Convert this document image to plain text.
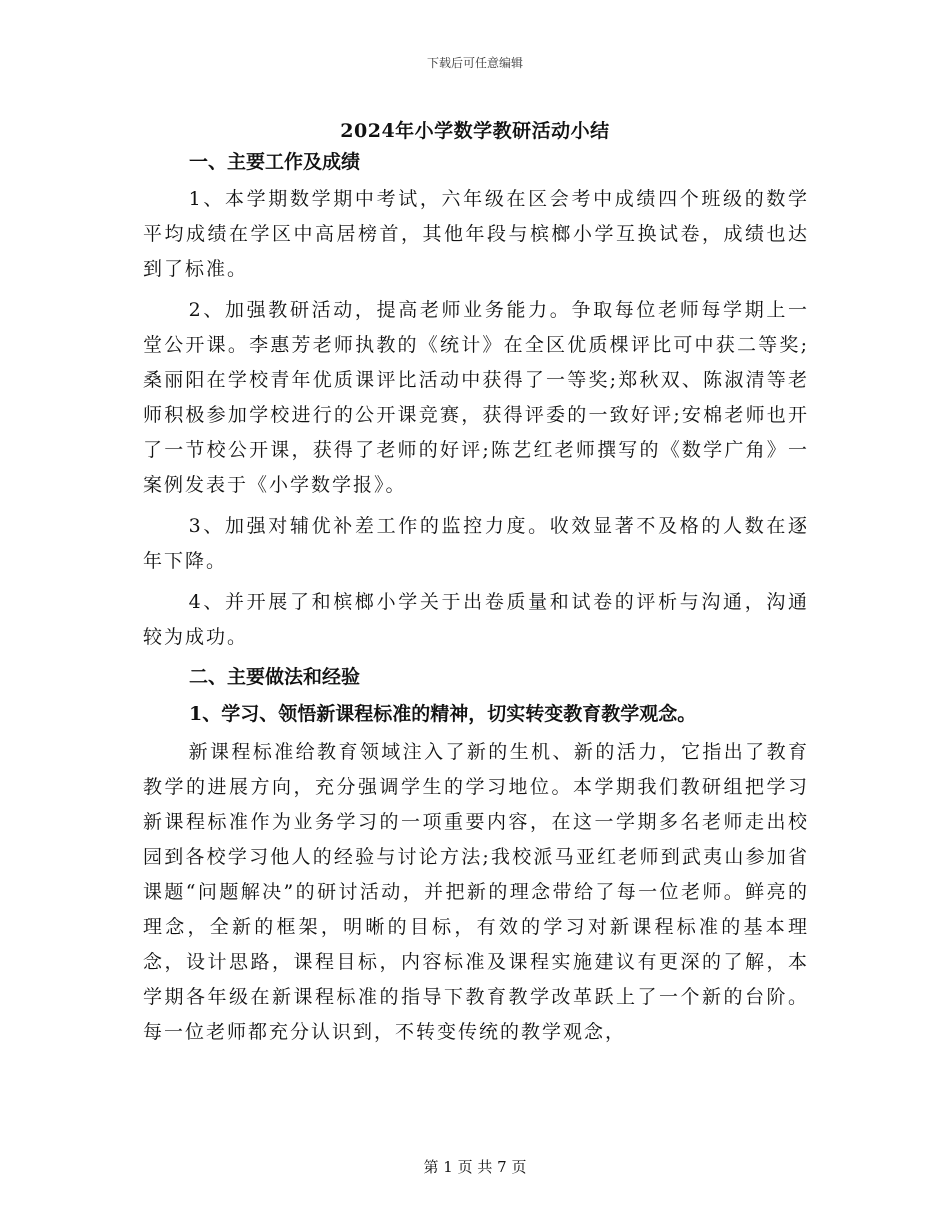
下载后可任意编辑
2024年小学数学教研活动小结
一、主要工作及成绩

1、本学期数学期中考试，六年级在区会考中成绩四个班级的数学平均成绩在学区中高居榜首，其他年段与槟榔小学互换试卷，成绩也达到了标准。

2、加强教研活动，提高老师业务能力。争取每位老师每学期上一堂公开课。李惠芳老师执教的《统计》在全区优质棵评比可中获二等奖;桑丽阳在学校青年优质课评比活动中获得了一等奖;郑秋双、陈淑清等老师积极参加学校进行的公开课竞赛，获得评委的一致好评;安棉老师也开了一节校公开课，获得了老师的好评;陈艺红老师撰写的《数学广角》一案例发表于《小学数学报》。

3、加强对辅优补差工作的监控力度。收效显著不及格的人数在逐年下降。

4、并开展了和槟榔小学关于出卷质量和试卷的评析与沟通，沟通较为成功。

二、主要做法和经验
1、学习、领悟新课程标准的精神，切实转变教育教学观念。

新课程标准给教育领域注入了新的生机、新的活力，它指出了教育教学的进展方向，充分强调学生的学习地位。本学期我们教研组把学习新课程标准作为业务学习的一项重要内容，在这一学期多名老师走出校园到各校学习他人的经验与讨论方法;我校派马亚红老师到武夷山参加省课题“问题解决”的研讨活动，并把新的理念带给了每一位老师。鲜亮的理念，全新的框架，明晰的目标，有效的学习对新课程标准的基本理念，设计思路，课程目标，内容标准及课程实施建议有更深的了解，本学期各年级在新课程标准的指导下教育教学改革跃上了一个新的台阶。每一位老师都充分认识到，不转变传统的教学观念，

第 1 页 共 7 页
